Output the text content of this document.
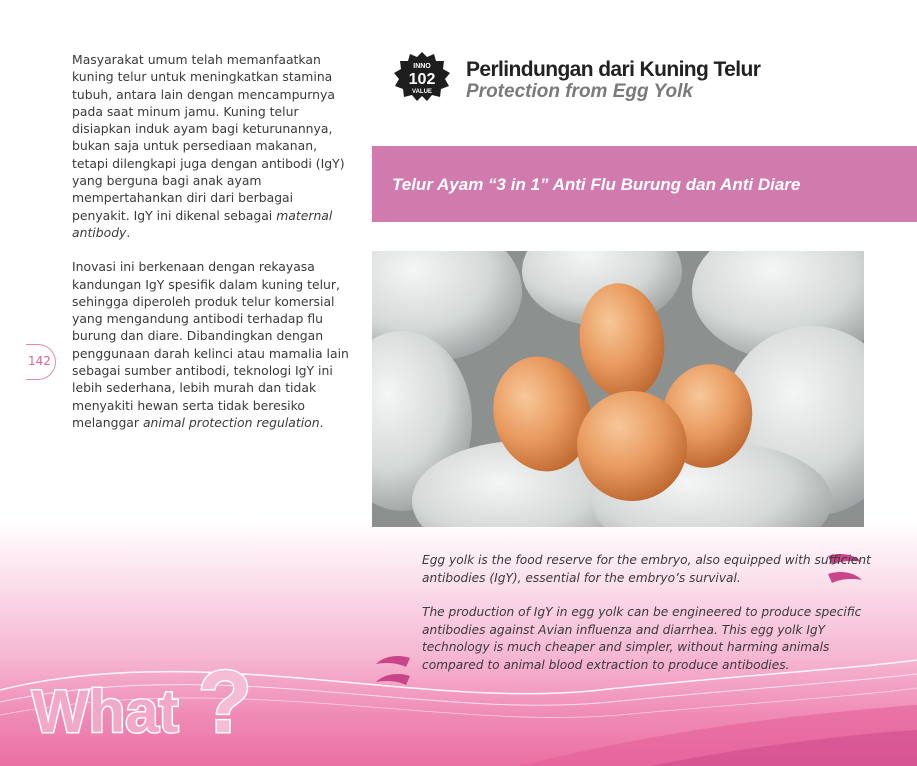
142

Masyarakat umum telah memanfaatkan kuning telur untuk meningkatkan stamina tubuh, antara lain dengan mencampurnya pada saat minum jamu. Kuning telur disiapkan induk ayam bagi keturunannya, bukan saja untuk persediaan makanan, tetapi dilengkapi juga dengan antibodi (IgY) yang berguna bagi anak ayam mempertahankan diri dari berbagai penyakit. IgY ini dikenal sebagai maternal antibody.

Inovasi ini berkenaan dengan rekayasa kandungan IgY spesifik dalam kuning telur, sehingga diperoleh produk telur komersial yang mengandung antibodi terhadap flu burung dan diare. Dibandingkan dengan penggunaan darah kelinci atau mamalia lain sebagai sumber antibodi, teknologi IgY ini lebih sederhana, lebih murah dan tidak menyakiti hewan serta tidak beresiko melanggar animal protection regulation.

INNO
102
VALUE
Perlindungan dari Kuning Telur
Protection from Egg Yolk
Telur Ayam “3 in 1” Anti Flu Burung dan Anti Diare

Egg yolk is the food reserve for the embryo, also equipped with sufficient antibodies (IgY), essential for the embryo’s survival.

The production of IgY in egg yolk can be engineered to produce specific antibodies against Avian influenza and diarrhea. This egg yolk IgY technology is much cheaper and simpler, without harming animals compared to animal blood extraction to produce antibodies.

What ?
